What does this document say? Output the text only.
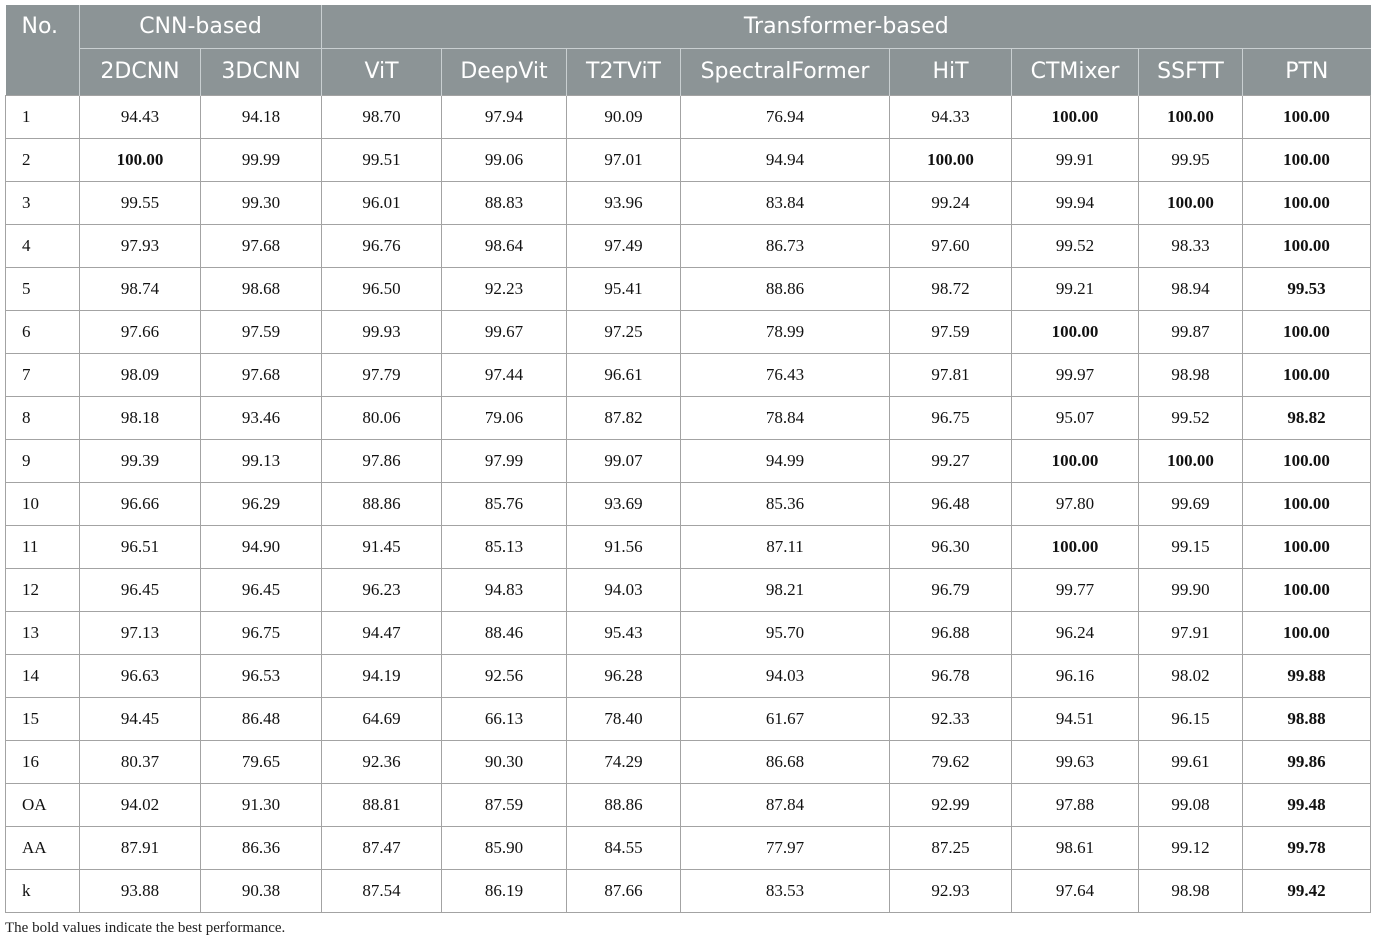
No.	CNN-based		Transformer-based							
	2DCNN	3DCNN	ViT	DeepVit	T2TViT	SpectralFormer	HiT	CTMixer	SSFTT	PTN
1	94.43	94.18	98.70	97.94	90.09	76.94	94.33	100.00	100.00	100.00
2	100.00	99.99	99.51	99.06	97.01	94.94	100.00	99.91	99.95	100.00
3	99.55	99.30	96.01	88.83	93.96	83.84	99.24	99.94	100.00	100.00
4	97.93	97.68	96.76	98.64	97.49	86.73	97.60	99.52	98.33	100.00
5	98.74	98.68	96.50	92.23	95.41	88.86	98.72	99.21	98.94	99.53
6	97.66	97.59	99.93	99.67	97.25	78.99	97.59	100.00	99.87	100.00
7	98.09	97.68	97.79	97.44	96.61	76.43	97.81	99.97	98.98	100.00
8	98.18	93.46	80.06	79.06	87.82	78.84	96.75	95.07	99.52	98.82
9	99.39	99.13	97.86	97.99	99.07	94.99	99.27	100.00	100.00	100.00
10	96.66	96.29	88.86	85.76	93.69	85.36	96.48	97.80	99.69	100.00
11	96.51	94.90	91.45	85.13	91.56	87.11	96.30	100.00	99.15	100.00
12	96.45	96.45	96.23	94.83	94.03	98.21	96.79	99.77	99.90	100.00
13	97.13	96.75	94.47	88.46	95.43	95.70	96.88	96.24	97.91	100.00
14	96.63	96.53	94.19	92.56	96.28	94.03	96.78	96.16	98.02	99.88
15	94.45	86.48	64.69	66.13	78.40	61.67	92.33	94.51	96.15	98.88
16	80.37	79.65	92.36	90.30	74.29	86.68	79.62	99.63	99.61	99.86
OA	94.02	91.30	88.81	87.59	88.86	87.84	92.99	97.88	99.08	99.48
AA	87.91	86.36	87.47	85.90	84.55	77.97	87.25	98.61	99.12	99.78
k	93.88	90.38	87.54	86.19	87.66	83.53	92.93	97.64	98.98	99.42

The bold values indicate the best performance.
